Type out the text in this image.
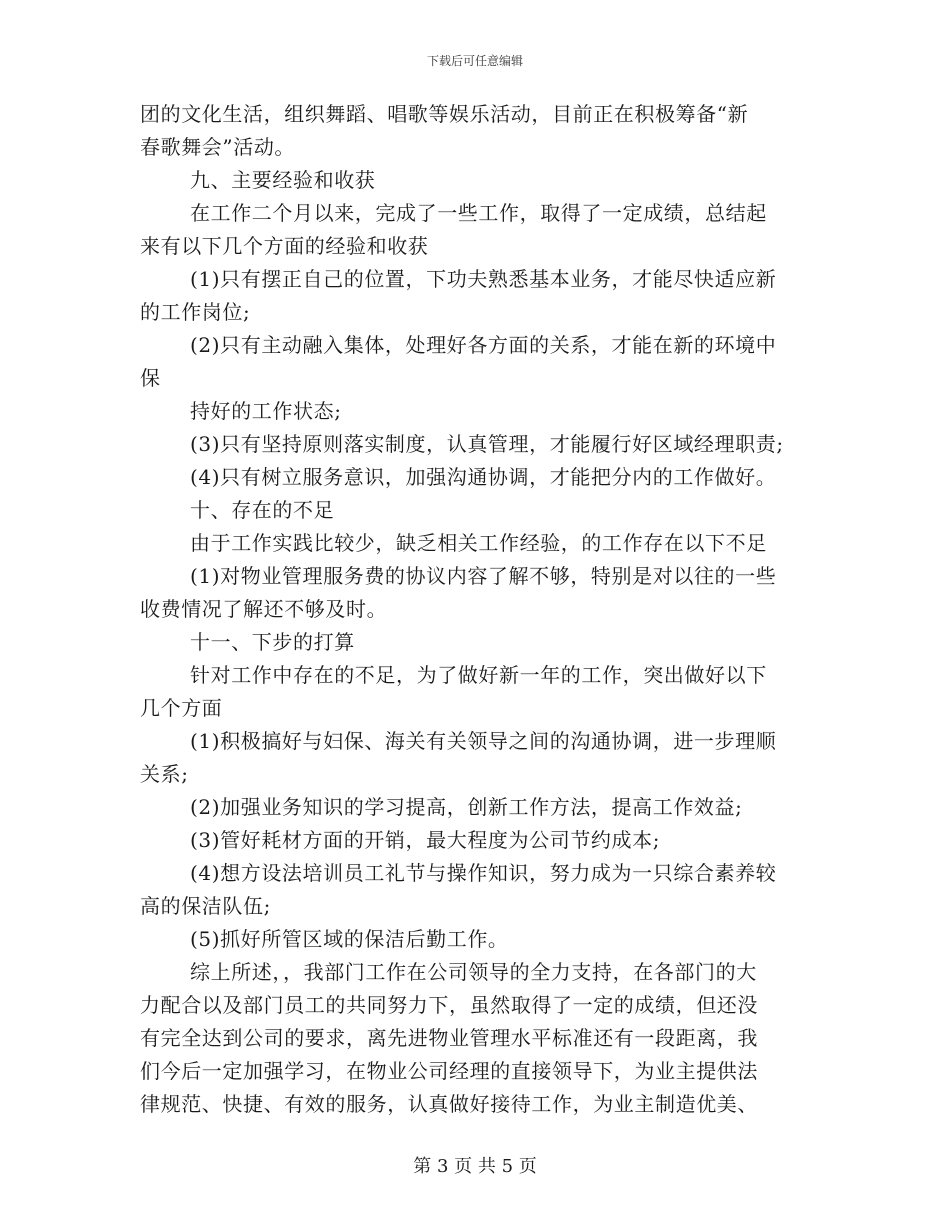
下载后可任意编辑
团的文化生活，组织舞蹈、唱歌等娱乐活动，目前正在积极筹备“新
春歌舞会”活动。
九、主要经验和收获
在工作二个月以来，完成了一些工作，取得了一定成绩，总结起
来有以下几个方面的经验和收获
(1)只有摆正自己的位置，下功夫熟悉基本业务，才能尽快适应新
的工作岗位;
(2)只有主动融入集体，处理好各方面的关系，才能在新的环境中
保
持好的工作状态;
(3)只有坚持原则落实制度，认真管理，才能履行好区域经理职责;
(4)只有树立服务意识，加强沟通协调，才能把分内的工作做好。
十、存在的不足
由于工作实践比较少，缺乏相关工作经验，的工作存在以下不足
(1)对物业管理服务费的协议内容了解不够，特别是对以往的一些
收费情况了解还不够及时。
十一、下步的打算
针对工作中存在的不足，为了做好新一年的工作，突出做好以下
几个方面
(1)积极搞好与妇保、海关有关领导之间的沟通协调，进一步理顺
关系;
(2)加强业务知识的学习提高，创新工作方法，提高工作效益;
(3)管好耗材方面的开销，最大程度为公司节约成本;
(4)想方设法培训员工礼节与操作知识，努力成为一只综合素养较
高的保洁队伍;
(5)抓好所管区域的保洁后勤工作。
综上所述，，我部门工作在公司领导的全力支持，在各部门的大
力配合以及部门员工的共同努力下，虽然取得了一定的成绩，但还没
有完全达到公司的要求，离先进物业管理水平标准还有一段距离，我
们今后一定加强学习，在物业公司经理的直接领导下，为业主提供法
律规范、快捷、有效的服务，认真做好接待工作，为业主制造优美、
第 3 页 共 5 页
